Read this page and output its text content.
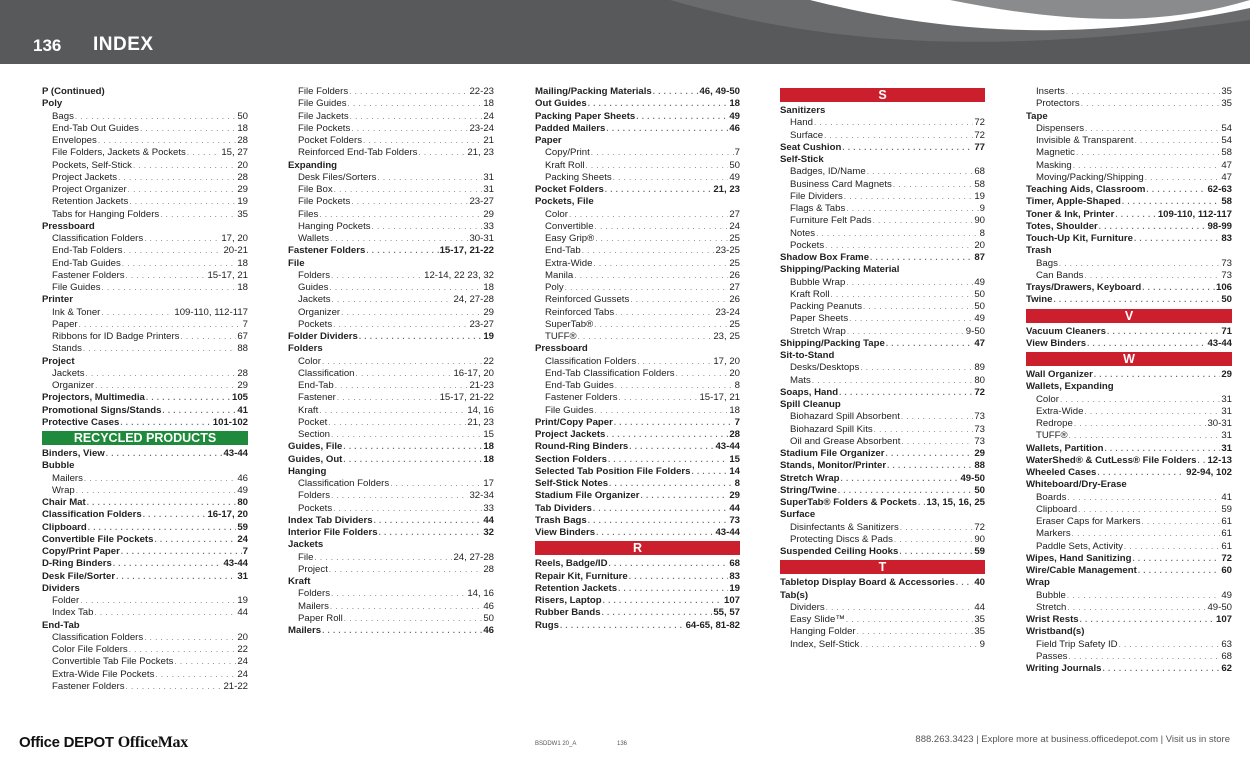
136 INDEX
P (Continued)
Poly
Bags . . .	50
End-Tab Out Guides . . .	18
Envelopes . . .	28
File Folders, Jackets & Pockets . . .	15, 27
Pockets, Self-Stick . . .	20
Project Jackets . . .	28
Project Organizer . . .	29
Retention Jackets . . .	19
Tabs for Hanging Folders . . .	35
Pressboard
Classification Folders . . .	17, 20
End-Tab Folders . . .	20-21
End-Tab Guides . . .	18
Fastener Folders . . .	15-17, 21
File Guides . . .	18
Printer
Ink & Toner . . .	109-110, 112-117
Paper . . .	7
Ribbons for ID Badge Printers . . .	67
Stands . . .	88
Project
Jackets . . .	28
Organizer . . .	29
Projectors, Multimedia . . .	105
Promotional Signs/Stands . . .	41
Protective Cases . . .	101-102
RECYCLED PRODUCTS
Binders, View . . .	43-44
Bubble
Mailers . . .	46
Wrap . . .	49
Chair Mat . . .	80
Classification Folders . . .	16-17, 20
Clipboard . . .	59
Convertible File Pockets . . .	24
Copy/Print Paper . . .	7
D-Ring Binders . . .	43-44
Desk File/Sorter . . .	31
Dividers
Folder . . .	19
Index Tab . . .	44
End-Tab
Classification Folders . . .	20
Color File Folders . . .	22
Convertible Tab File Pockets . . .	24
Extra-Wide File Pockets . . .	24
Fastener Folders . . .	21-22
File Folders . . .	22-23
File Guides . . .	18
File Jackets . . .	24
File Pockets . . .	23-24
Pocket Folders . . .	21
Reinforced End-Tab Folders . . .	21, 23
Expanding
Desk Files/Sorters . . .	31
File Box . . .	31
File Pockets . . .	23-27
Files . . .	29
Hanging Pockets . . .	33
Wallets . . .	30-31
Fastener Folders . . .	15-17, 21-22
File
Folders . . .	12-14, 22 23, 32
Guides . . .	18
Jackets . . .	24, 27-28
Organizer . . .	29
Pockets . . .	23-27
Folder Dividers . . .	19
Folders
Color . . .	22
Classification . . .	16-17, 20
End-Tab . . .	21-23
Fastener . . .	15-17, 21-22
Kraft . . .	14, 16
Pocket . . .	21, 23
Section . . .	15
Guides, File . . .	18
Guides, Out . . .	18
Hanging
Classification Folders . . .	17
Folders . . .	32-34
Pockets . . .	33
Index Tab Dividers . . .	44
Interior File Folders . . .	32
Jackets
File . . .	24, 27-28
Project . . .	28
Kraft
Folders . . .	14, 16
Mailers . . .	46
Paper Roll . . .	50
Mailers . . .	46
Mailing/Packing Materials . . .	46, 49-50
Out Guides . . .	18
Packing Paper Sheets . . .	49
Padded Mailers . . .	46
Paper
Copy/Print . . .	7
Kraft Roll . . .	50
Packing Sheets . . .	49
Pocket Folders . . .	21, 23
Pockets, File
Color . . .	27
Convertible . . .	24
Easy Grip® . . .	25
End-Tab . . .	23-25
Extra-Wide . . .	25
Manila . . .	26
Poly . . .	27
Reinforced Gussets . . .	26
Reinforced Tabs . . .	23-24
SuperTab® . . .	25
TUFF® . . .	23, 25
Pressboard
Classification Folders . . .	17, 20
End-Tab Classification Folders . . .	20
End-Tab Guides . . .	8
Fastener Folders . . .	15-17, 21
File Guides . . .	18
Print/Copy Paper . . .	7
Project Jackets . . .	28
Round-Ring Binders . . .	43-44
Section Folders . . .	15
Selected Tab Position File Folders . . .	14
Self-Stick Notes . . .	8
Stadium File Organizer . . .	29
Tab Dividers . . .	44
Trash Bags . . .	73
View Binders . . .	43-44
R
Reels, Badge/ID . . .	68
Repair Kit, Furniture . . .	83
Retention Jackets . . .	19
Risers, Laptop . . .	107
Rubber Bands . . .	55, 57
Rugs . . .	64-65, 81-82
S
Sanitizers
Hand . . .	72
Surface . . .	72
Seat Cushion . . .	77
Self-Stick
Badges, ID/Name . . .	68
Business Card Magnets . . .	58
File Dividers . . .	19
Flags & Tabs . . .	9
Furniture Felt Pads . . .	90
Notes . . .	8
Pockets . . .	20
Shadow Box Frame . . .	87
Shipping/Packing Material
Bubble Wrap . . .	49
Kraft Roll . . .	50
Packing Peanuts . . .	50
Paper Sheets . . .	49
Stretch Wrap . . .	9-50
Shipping/Packing Tape . . .	47
Sit-to-Stand
Desks/Desktops . . .	89
Mats . . .	80
Soaps, Hand . . .	72
Spill Cleanup
Biohazard Spill Absorbent . . .	73
Biohazard Spill Kits . . .	73
Oil and Grease Absorbent . . .	73
Stadium File Organizer . . .	29
Stands, Monitor/Printer . . .	88
Stretch Wrap . . .	49-50
String/Twine . . .	50
SuperTab® Folders & Pockets . . . 13, 15, 16, 25
Surface
Disinfectants & Sanitizers . . .	72
Protecting Discs & Pads . . .	90
Suspended Ceiling Hooks . . .	59
T
Tabletop Display Board & Accessories . . . 40
Tab(s)
Dividers . . .	44
Easy Slide™ . . .	35
Hanging Folder . . .	35
Index, Self-Stick . . .	9
Inserts . . .	35
Protectors . . .	35
Tape
Dispensers . . .	54
Invisible & Transparent . . .	54
Magnetic . . .	58
Masking . . .	47
Moving/Packing/Shipping . . .	47
Teaching Aids, Classroom . . .	62-63
Timer, Apple-Shaped . . .	58
Toner & Ink, Printer . . .	109-110, 112-117
Totes, Shoulder . . .	98-99
Touch-Up Kit, Furniture . . .	83
Trash
Bags . . .	73
Can Bands . . .	73
Trays/Drawers, Keyboard . . .	106
Twine . . .	50
V
Vacuum Cleaners . . .	71
View Binders . . .	43-44
W
Wall Organizer . . .	29
Wallets, Expanding
Color . . .	31
Extra-Wide . . .	31
Redrope . . .	30-31
TUFF® . . .	31
Wallets, Partition . . .	31
WaterShed® & CutLess® File Folders . . . 12-13
Wheeled Cases . . .	92-94, 102
Whiteboard/Dry-Erase
Boards . . .	41
Clipboard . . .	59
Eraser Caps for Markers . . .	61
Markers . . .	61
Paddle Sets, Activity . . .	61
Wipes, Hand Sanitizing . . .	72
Wire/Cable Management . . .	60
Wrap
Bubble . . .	49
Stretch . . .	49-50
Wrist Rests . . .	107
Wristband(s)
Field Trip Safety ID . . .	63
Passes . . .	68
Writing Journals . . .	62
Office DEPOT OfficeMax	BSDDW1 20_A	136	888.263.3423 | Explore more at business.officedepot.com | Visit us in store
